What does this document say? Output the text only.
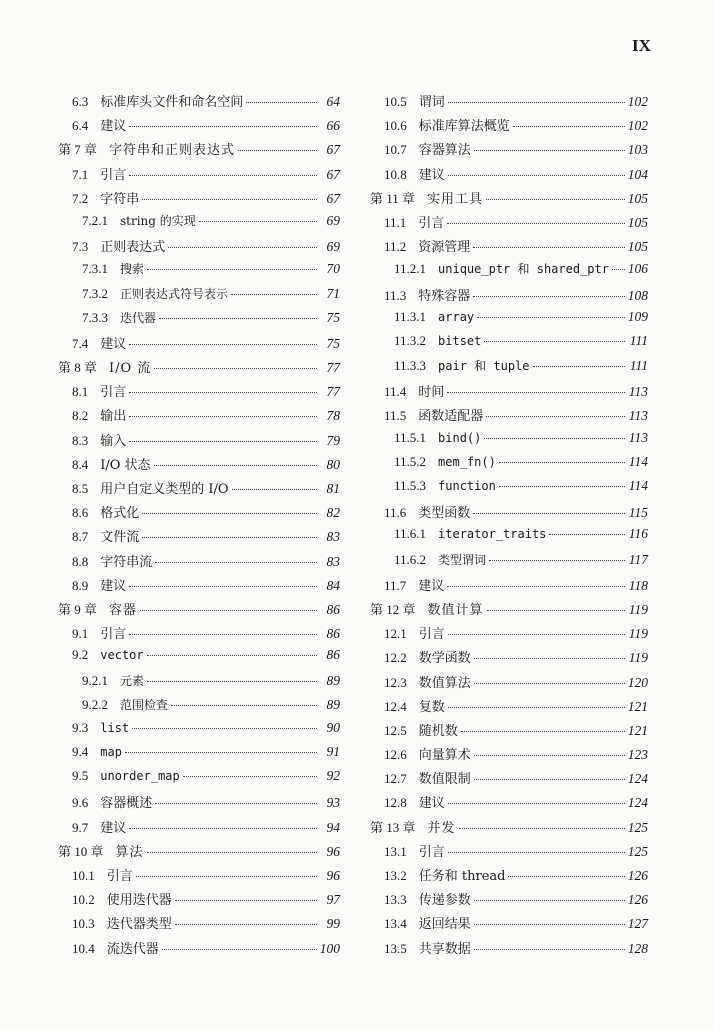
IX
6.3 标准库头文件和命名空间	64
6.4 建议	66
第 7 章 字符串和正则表达式	67
7.1 引言	67
7.2 字符串	67
7.2.1 string 的实现	69
7.3 正则表达式	69
7.3.1 搜索	70
7.3.2 正则表达式符号表示	71
7.3.3 迭代器	75
7.4 建议	75
第 8 章 I/O 流	77
8.1 引言	77
8.2 输出	78
8.3 输入	79
8.4 I/O 状态	80
8.5 用户自定义类型的 I/O	81
8.6 格式化	82
8.7 文件流	83
8.8 字符串流	83
8.9 建议	84
第 9 章 容器	86
9.1 引言	86
9.2 vector	86
9.2.1 元素	89
9.2.2 范围检查	89
9.3 list	90
9.4 map	91
9.5 unorder_map	92
9.6 容器概述	93
9.7 建议	94
第 10 章 算法	96
10.1 引言	96
10.2 使用迭代器	97
10.3 迭代器类型	99
10.4 流迭代器	100
10.5 谓词	102
10.6 标准库算法概览	102
10.7 容器算法	103
10.8 建议	104
第 11 章 实用工具	105
11.1 引言	105
11.2 资源管理	105
11.2.1 unique_ptr 和 shared_ptr 106
11.3 特殊容器	108
11.3.1 array	109
11.3.2 bitset	111
11.3.3 pair 和 tuple	111
11.4 时间	113
11.5 函数适配器	113
11.5.1 bind()	113
11.5.2 mem_fn()	114
11.5.3 function	114
11.6 类型函数	115
11.6.1 iterator_traits	116
11.6.2 类型谓词	117
11.7 建议	118
第 12 章 数值计算	119
12.1 引言	119
12.2 数学函数	119
12.3 数值算法	120
12.4 复数	121
12.5 随机数	121
12.6 向量算术	123
12.7 数值限制	124
12.8 建议	124
第 13 章 并发	125
13.1 引言	125
13.2 任务和 thread	126
13.3 传递参数	126
13.4 返回结果	127
13.5 共享数据	128
